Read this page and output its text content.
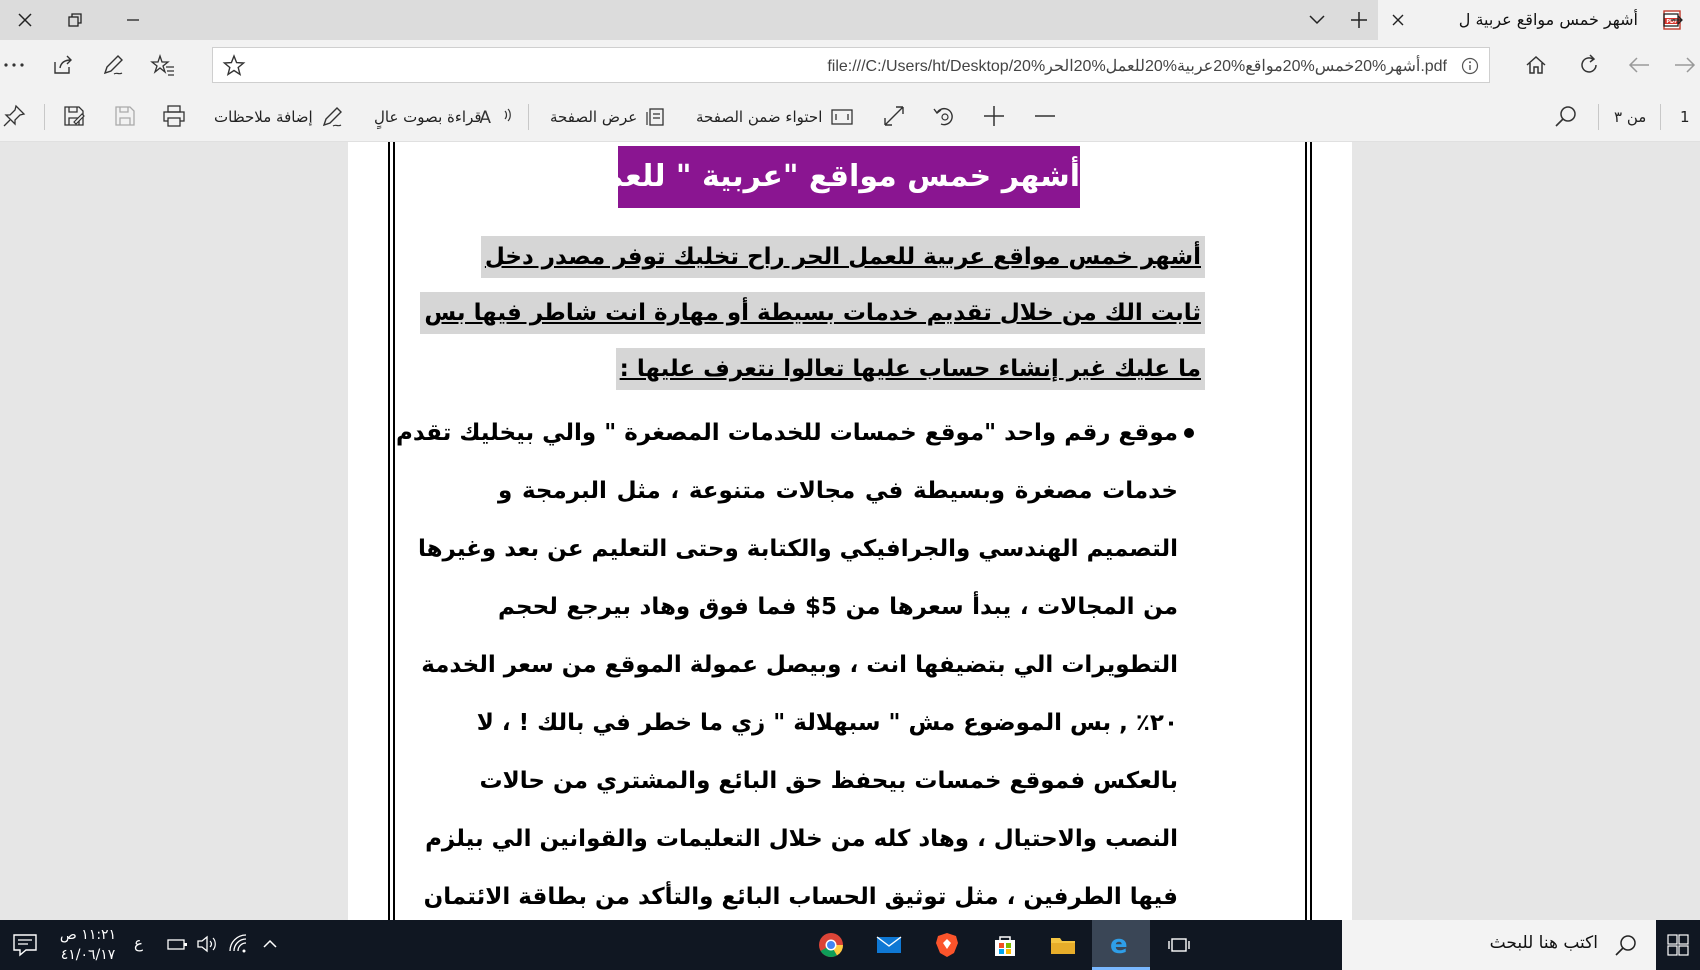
أشهر خمس مواقع عربية ل	PDF
file:///C:/Users/ht/Desktop/20%أشهر%20خمس%20مواقع%20عربية%20للعمل%20الحر.pdf
إضافة ملاحظات	A
قراءة بصوت عالٍ	عرض الصفحة	احتواء ضمن الصفحة	من ٣ 1
أشهر خمس مواقع "عربية " للعمل الحر
أشهر خمس مواقع عربية للعمل الحر راح تخليك توفر مصدر دخل
ثابت الك من خلال تقديم خدمات بسيطة أو مهارة انت شاطر فيها بس
ما عليك غير إنشاء حساب عليها تعالوا نتعرف عليها :
موقع رقم واحد "موقع خمسات للخدمات المصغرة " والي بيخليك تقدم
خدمات مصغرة وبسيطة في مجالات متنوعة ، مثل البرمجة و
التصميم الهندسي والجرافيكي والكتابة وحتى التعليم عن بعد وغيرها
من المجالات ، يبدأ سعرها من 5$ فما فوق وهاد بيرجع لحجم
التطويرات الي بتضيفها انت ، وبيصل عمولة الموقع من سعر الخدمة
٢٠٪ , بس الموضوع مش " سبهلالة " زي ما خطر في بالك ! ، لا
بالعكس فموقع خمسات بيحفظ حق البائع والمشتري من حالات
النصب والاحتيال ، وهاد كله من خلال التعليمات والقوانين الي بيلزم
فيها الطرفين ، مثل توثيق الحساب البائع والتأكد من بطاقة الائتمان
١١:٢١ ص
٤١/٠٦/١٧
ع	e	اكتب هنا للبحث
